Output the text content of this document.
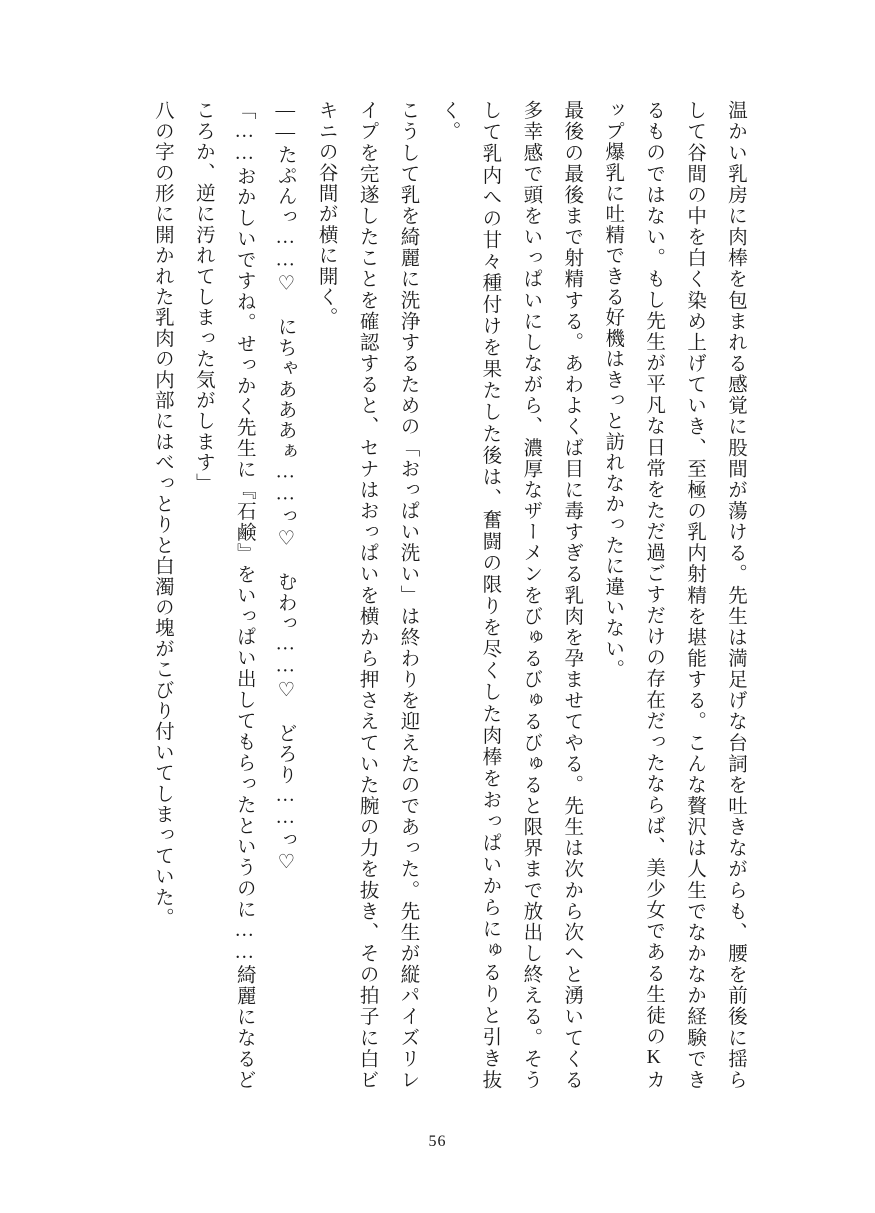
温かい乳房に肉棒を包まれる感覚に股間が蕩ける。先生は満足げな台詞を吐きながらも、腰を前後に揺らして谷間の中を白く染め上げていき、至極の乳内射精を堪能する。こんな贅沢は人生でなかなか経験できるものではない。もし先生が平凡な日常をただ過ごすだけの存在だったならば、美少女である生徒のKカップ爆乳に吐精できる好機はきっと訪れなかったに違いない。

最後の最後まで射精する。あわよくば目に毒すぎる乳肉を孕ませてやる。先生は次から次へと湧いてくる多幸感で頭をいっぱいにしながら、濃厚なザーメンをびゅるびゅるびゅると限界まで放出し終える。そうして乳内への甘々種付けを果たした後は、奮闘の限りを尽くした肉棒をおっぱいからにゅるりと引き抜く。

こうして乳を綺麗に洗浄するための「おっぱい洗い」は終わりを迎えたのであった。先生が縦パイズリレイプを完遂したことを確認すると、セナはおっぱいを横から押さえていた腕の力を抜き、その拍子に白ビキニの谷間が横に開く。

——たぷんっ……♡　にちゃあああぁ……っ♡　むわっ……♡　どろり……っ♡

「……おかしいですね。せっかく先生に『石鹸』をいっぱい出してもらったというのに……綺麗になるどころか、逆に汚れてしまった気がします」

八の字の形に開かれた乳肉の内部にはべっとりと白濁の塊がこびり付いてしまっていた。

56
